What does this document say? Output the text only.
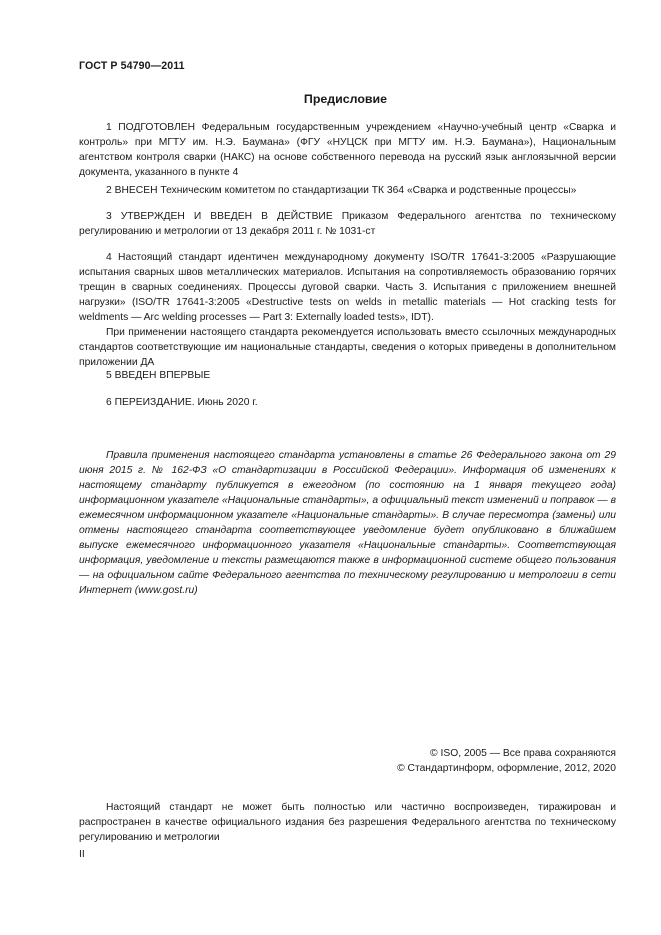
ГОСТ Р 54790—2011
Предисловие

1 ПОДГОТОВЛЕН Федеральным государственным учреждением «Научно-учебный центр «Сварка и контроль» при МГТУ им. Н.Э. Баумана» (ФГУ «НУЦСК при МГТУ им. Н.Э. Баумана»), Национальным агентством контроля сварки (НАКС) на основе собственного перевода на русский язык англоязычной версии документа, указанного в пункте 4

2 ВНЕСЕН Техническим комитетом по стандартизации ТК 364 «Сварка и родственные процессы»

3 УТВЕРЖДЕН И ВВЕДЕН В ДЕЙСТВИЕ Приказом Федерального агентства по техническому регулированию и метрологии от 13 декабря 2011 г. № 1031-ст

4 Настоящий стандарт идентичен международному документу ISO/TR 17641-3:2005 «Разрушающие испытания сварных швов металлических материалов. Испытания на сопротивляемость образованию горячих трещин в сварных соединениях. Процессы дуговой сварки. Часть 3. Испытания с приложением внешней нагрузки» (ISO/TR 17641-3:2005 «Destructive tests on welds in metallic materials — Hot cracking tests for weldments — Arc welding processes — Part 3: Externally loaded tests», IDT).

При применении настоящего стандарта рекомендуется использовать вместо ссылочных международных стандартов соответствующие им национальные стандарты, сведения о которых приведены в дополнительном приложении ДА

5 ВВЕДЕН ВПЕРВЫЕ

6 ПЕРЕИЗДАНИЕ. Июнь 2020 г.

Правила применения настоящего стандарта установлены в статье 26 Федерального закона от 29 июня 2015 г. № 162-ФЗ «О стандартизации в Российской Федерации». Информация об изменениях к настоящему стандарту публикуется в ежегодном (по состоянию на 1 января текущего года) информационном указателе «Национальные стандарты», а официальный текст изменений и поправок — в ежемесячном информационном указателе «Национальные стандарты». В случае пересмотра (замены) или отмены настоящего стандарта соответствующее уведомление будет опубликовано в ближайшем выпуске ежемесячного информационного указателя «Национальные стандарты». Соответствующая информация, уведомление и тексты размещаются также в информационной системе общего пользования — на официальном сайте Федерального агентства по техническому регулированию и метрологии в сети Интернет (www.gost.ru)

© ISO, 2005 — Все права сохраняются
© Стандартинформ, оформление, 2012, 2020

Настоящий стандарт не может быть полностью или частично воспроизведен, тиражирован и распространен в качестве официального издания без разрешения Федерального агентства по техническому регулированию и метрологии

II
